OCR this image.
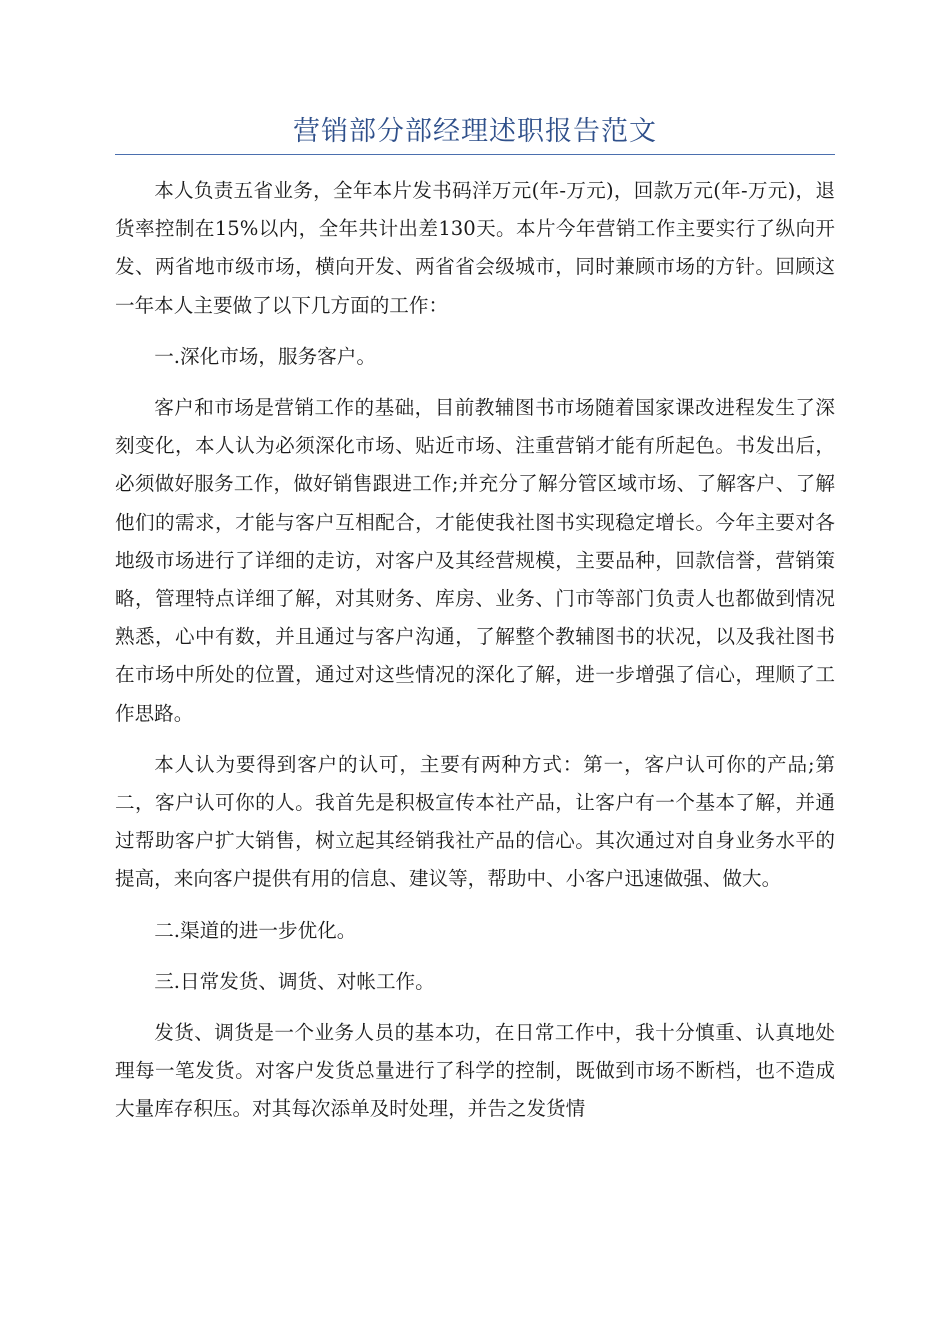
营销部分部经理述职报告范文

本人负责五省业务，全年本片发书码洋万元(年-万元)，回款万元(年-万元)，退货率控制在15%以内，全年共计出差130天。本片今年营销工作主要实行了纵向开发、两省地市级市场，横向开发、两省省会级城市，同时兼顾市场的方针。回顾这一年本人主要做了以下几方面的工作：

一.深化市场，服务客户。

客户和市场是营销工作的基础，目前教辅图书市场随着国家课改进程发生了深刻变化，本人认为必须深化市场、贴近市场、注重营销才能有所起色。书发出后，必须做好服务工作，做好销售跟进工作;并充分了解分管区域市场、了解客户、了解他们的需求，才能与客户互相配合，才能使我社图书实现稳定增长。今年主要对各地级市场进行了详细的走访，对客户及其经营规模，主要品种，回款信誉，营销策略，管理特点详细了解，对其财务、库房、业务、门市等部门负责人也都做到情况熟悉，心中有数，并且通过与客户沟通，了解整个教辅图书的状况，以及我社图书在市场中所处的位置，通过对这些情况的深化了解，进一步增强了信心，理顺了工作思路。

本人认为要得到客户的认可，主要有两种方式：第一，客户认可你的产品;第二，客户认可你的人。我首先是积极宣传本社产品，让客户有一个基本了解，并通过帮助客户扩大销售，树立起其经销我社产品的信心。其次通过对自身业务水平的提高，来向客户提供有用的信息、建议等，帮助中、小客户迅速做强、做大。

二.渠道的进一步优化。

三.日常发货、调货、对帐工作。

发货、调货是一个业务人员的基本功，在日常工作中，我十分慎重、认真地处理每一笔发货。对客户发货总量进行了科学的控制，既做到市场不断档，也不造成大量库存积压。对其每次添单及时处理，并告之发货情
